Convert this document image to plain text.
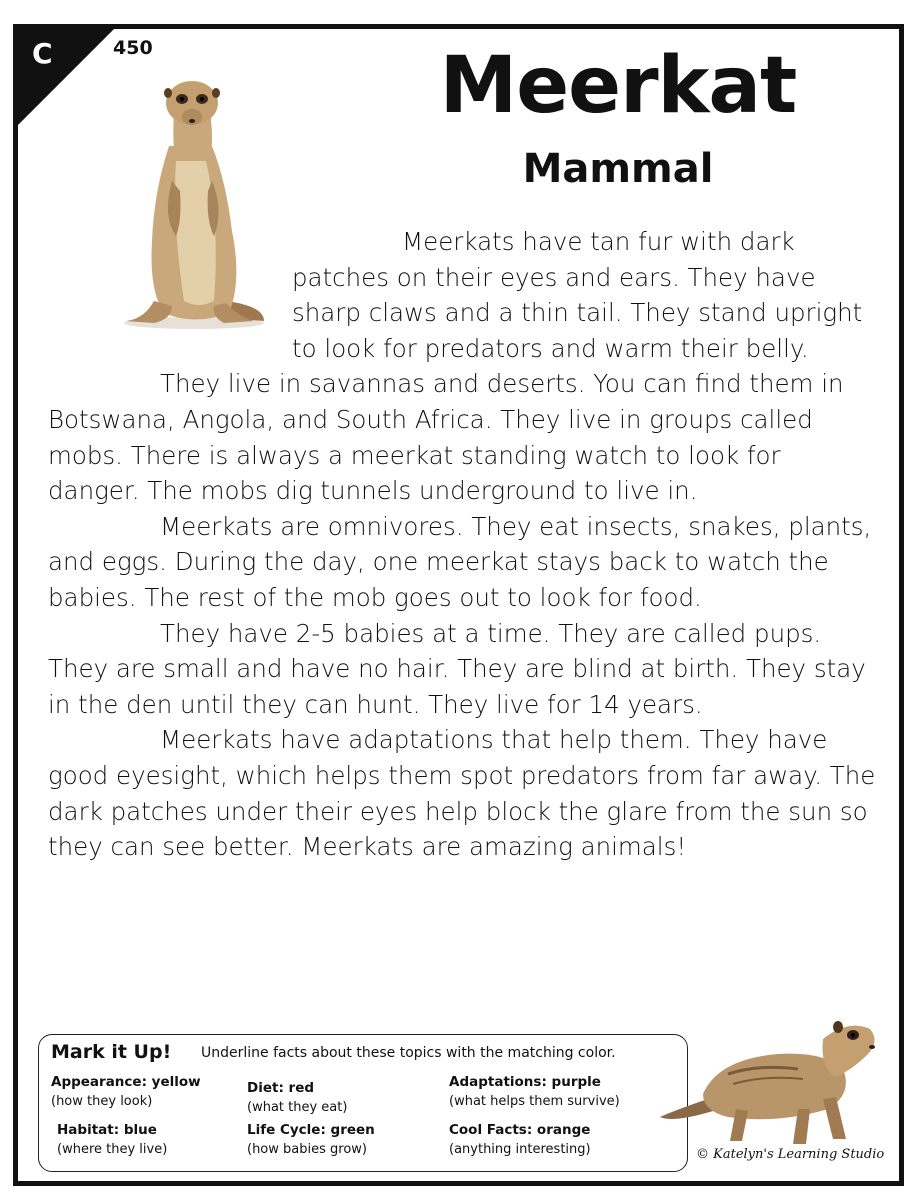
C	450	Meerkat
Mammal

Meerkats have tan fur with dark patches on their eyes and ears. They have sharp claws and a thin tail. They stand upright to look for predators and warm their belly.

They live in savannas and deserts. You can find them in Botswana, Angola, and South Africa. They live in groups called mobs. There is always a meerkat standing watch to look for danger. The mobs dig tunnels underground to live in.

Meerkats are omnivores. They eat insects, snakes, plants, and eggs. During the day, one meerkat stays back to watch the babies. The rest of the mob goes out to look for food.

They have 2-5 babies at a time. They are called pups. They are small and have no hair. They are blind at birth. They stay in the den until they can hunt. They live for 14 years.

Meerkats have adaptations that help them. They have good eyesight, which helps them spot predators from far away. The dark patches under their eyes help block the glare from the sun so they can see better. Meerkats are amazing animals!

Mark it Up! Underline facts about these topics with the matching color.
Appearance: yellow
(how they look)
Habitat: blue
(where they live)
Diet: red
(what they eat)
Life Cycle: green
(how babies grow)
Adaptations: purple
(what helps them survive)
Cool Facts: orange
(anything interesting)	© Katelyn's Learning Studio
